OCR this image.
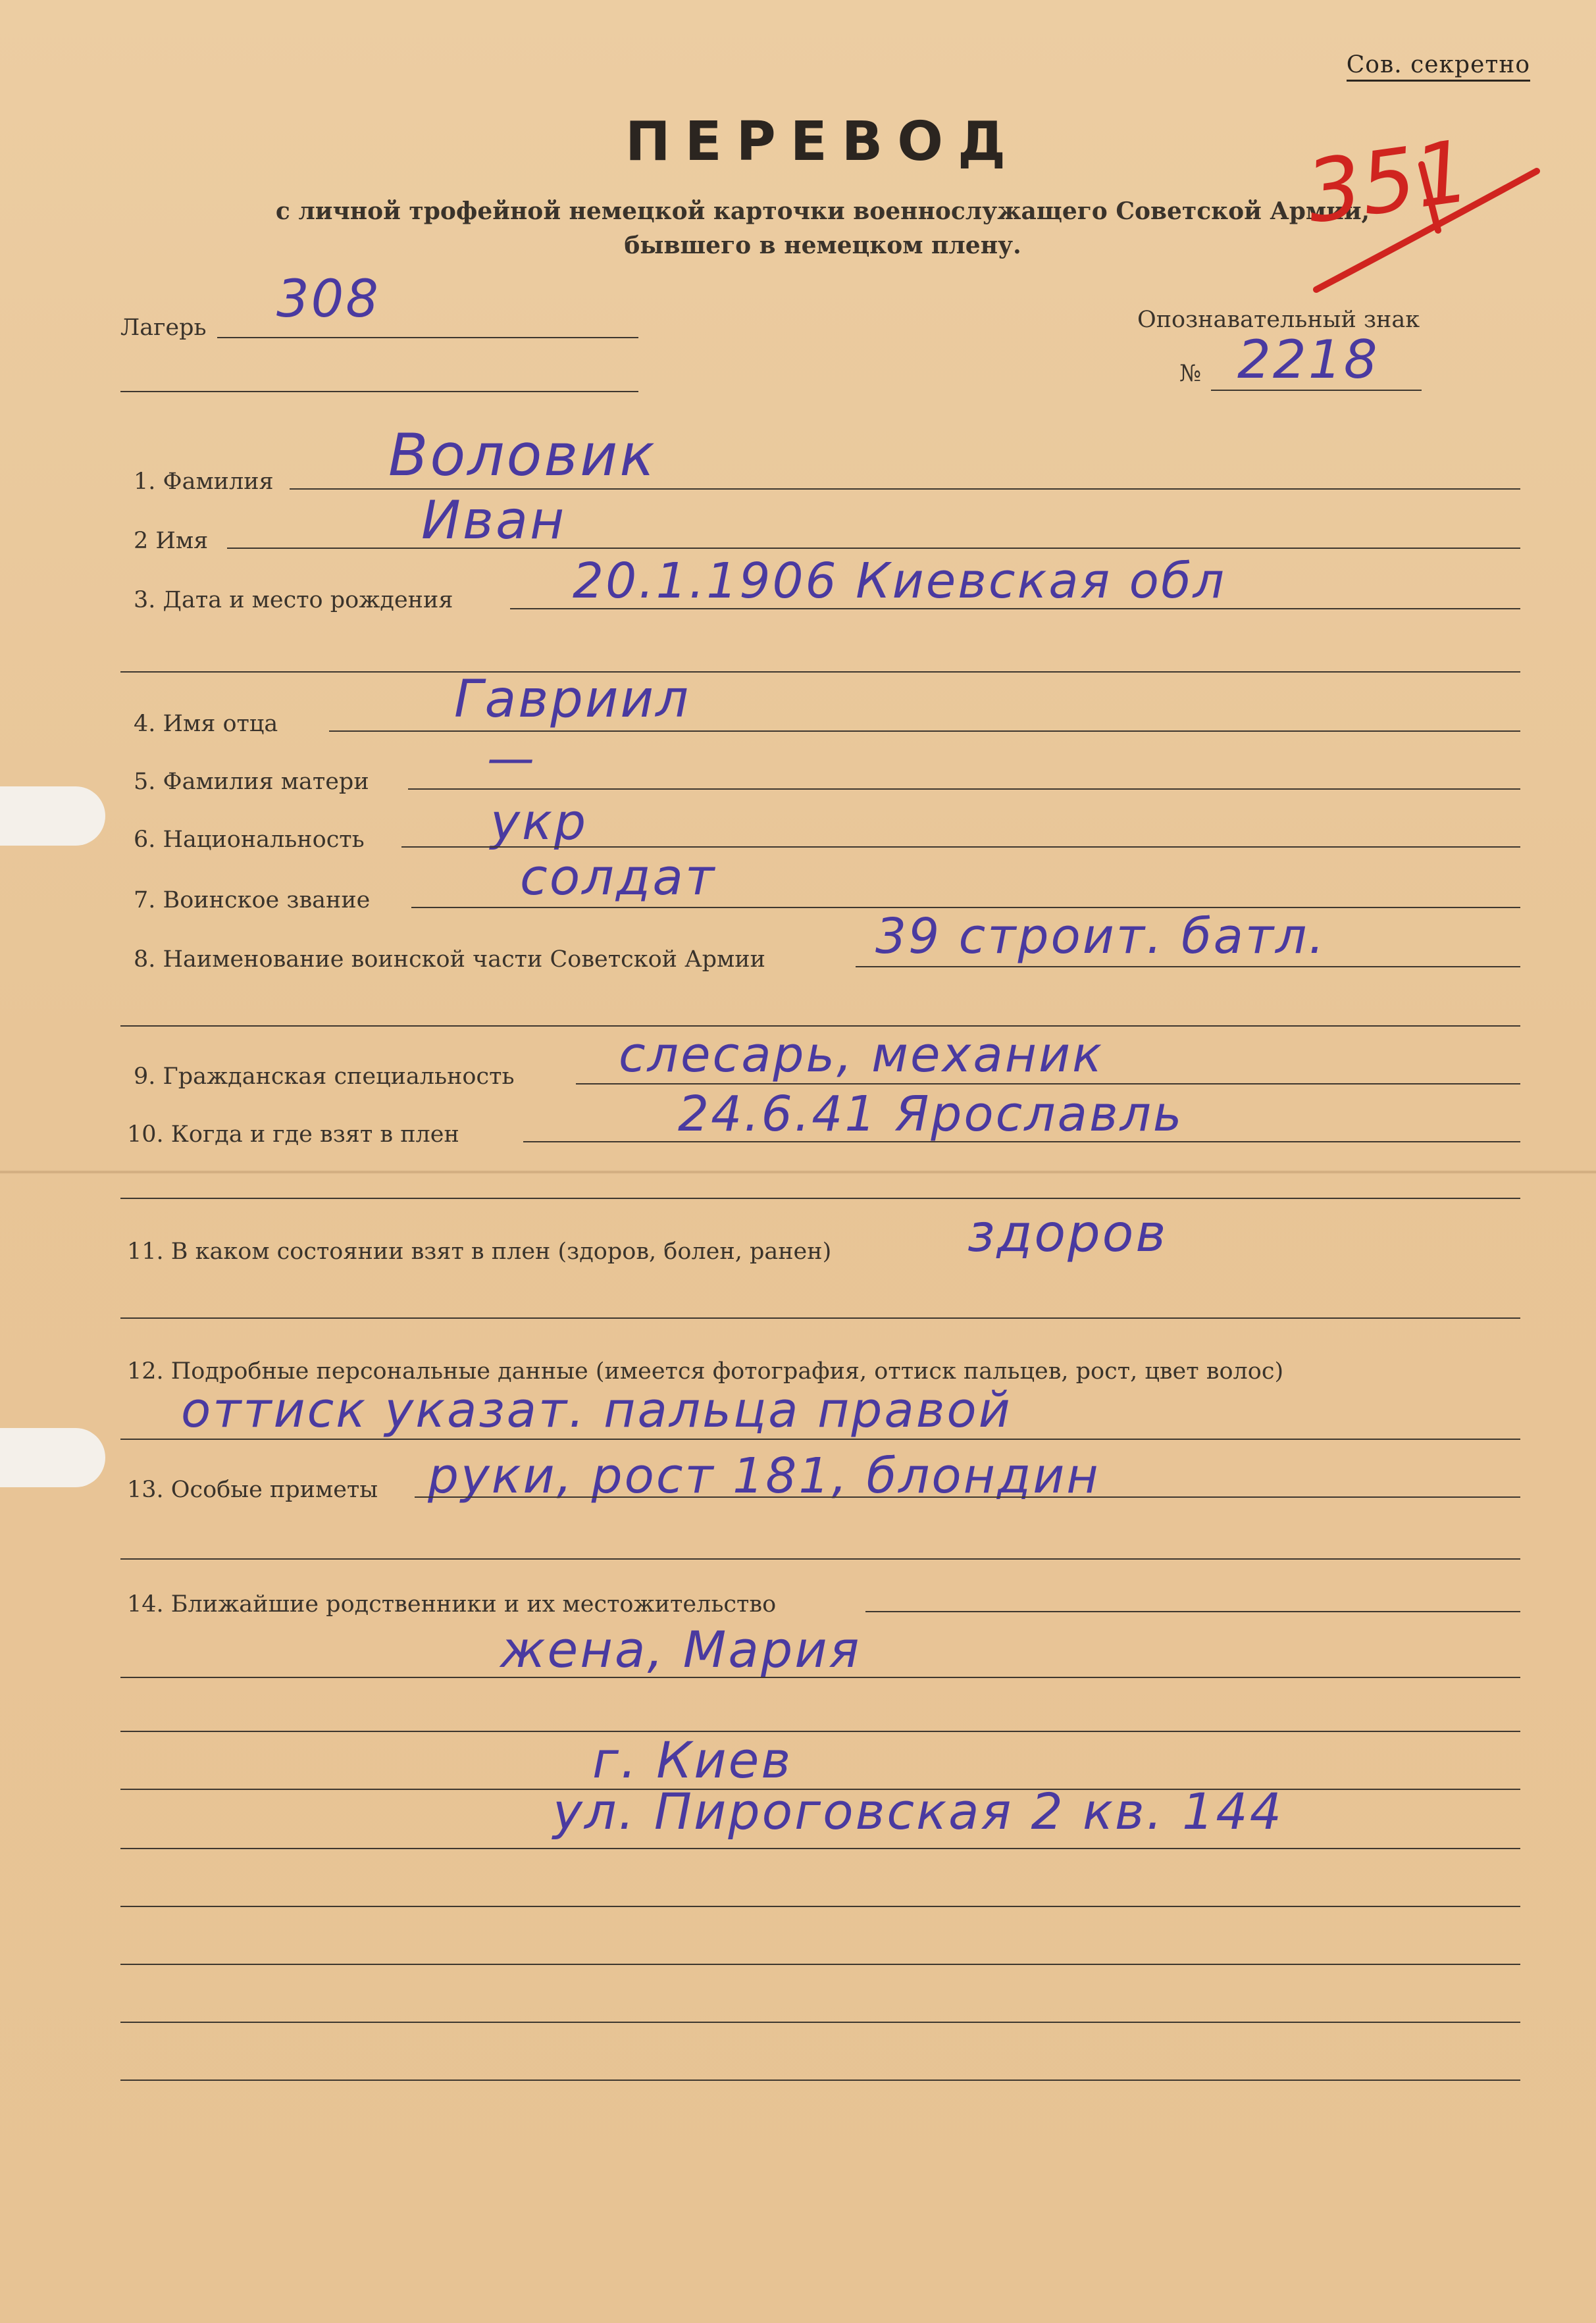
Сов. секретно
ПЕРЕВОД
с личной трофейной немецкой карточки военнослужащего Советской Армии,
бывшего в немецком плену.
351
Лагерь 308	Опознавательный знак
№ 2218
1. Фамилия Воловик
2 Имя	Иван
3. Дата и место рождения 20.1.1906 Киевская обл
4. Имя отца	Гавриил
5. Фамилия матери —
6. Национальность	укр
7. Воинское звание	солдат
8. Наименование воинской части Советской Армии 39 строит. батл.
9. Гражданская специальность слесарь, механик
10. Когда и где взят в плен	24.6.41 Ярославль
11. В каком состоянии взят в плен (здоров, болен, ранен)	здоров
12. Подробные персональные данные (имеется фотография, оттиск пальцев, рост, цвет волос)
оттиск указат. пальца правой
13. Особые приметы руки, рост 181, блондин
14. Ближайшие родственники и их местожительство
жена, Мария
г. Киев
ул. Пироговская 2 кв. 144
